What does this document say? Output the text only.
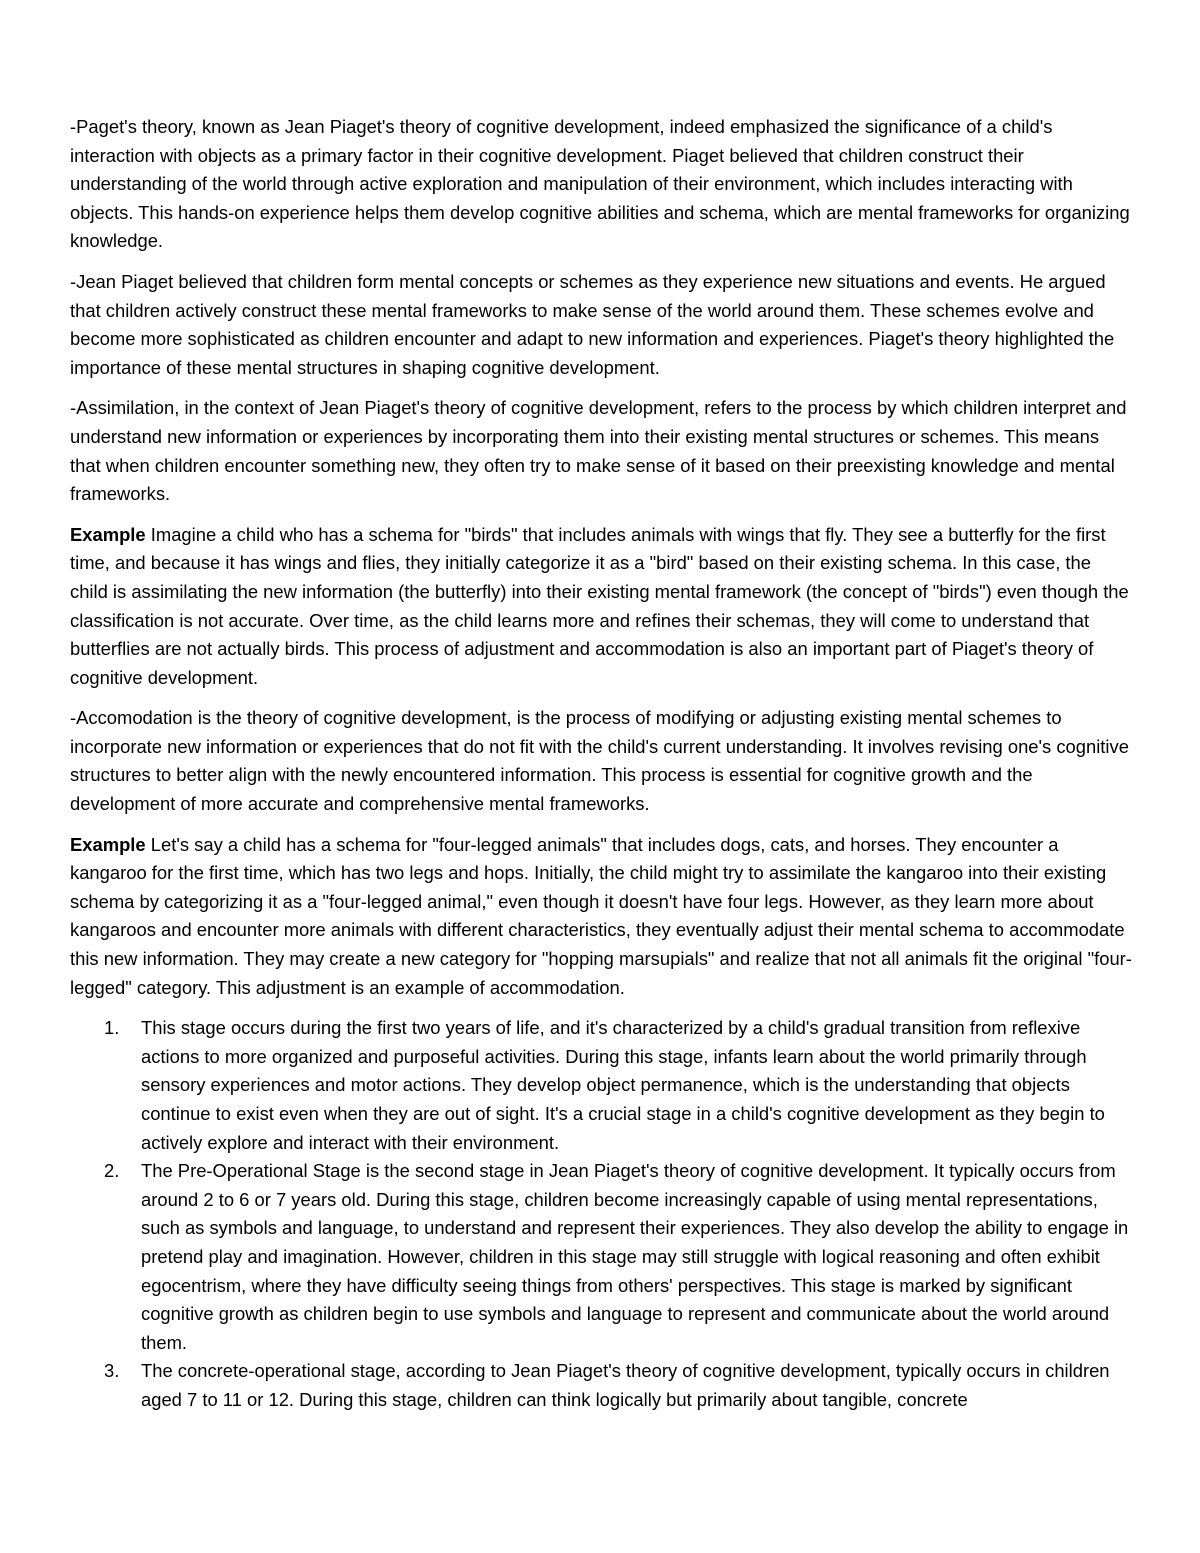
-Paget's theory, known as Jean Piaget's theory of cognitive development, indeed emphasized the significance of a child's interaction with objects as a primary factor in their cognitive development. Piaget believed that children construct their understanding of the world through active exploration and manipulation of their environment, which includes interacting with objects. This hands-on experience helps them develop cognitive abilities and schema, which are mental frameworks for organizing knowledge.

-Jean Piaget believed that children form mental concepts or schemes as they experience new situations and events. He argued that children actively construct these mental frameworks to make sense of the world around them. These schemes evolve and become more sophisticated as children encounter and adapt to new information and experiences. Piaget's theory highlighted the importance of these mental structures in shaping cognitive development.

-Assimilation, in the context of Jean Piaget's theory of cognitive development, refers to the process by which children interpret and understand new information or experiences by incorporating them into their existing mental structures or schemes. This means that when children encounter something new, they often try to make sense of it based on their preexisting knowledge and mental frameworks.

Example Imagine a child who has a schema for "birds" that includes animals with wings that fly. They see a butterfly for the first time, and because it has wings and flies, they initially categorize it as a "bird" based on their existing schema. In this case, the child is assimilating the new information (the butterfly) into their existing mental framework (the concept of "birds") even though the classification is not accurate. Over time, as the child learns more and refines their schemas, they will come to understand that butterflies are not actually birds. This process of adjustment and accommodation is also an important part of Piaget's theory of cognitive development.

-Accomodation is the theory of cognitive development, is the process of modifying or adjusting existing mental schemes to incorporate new information or experiences that do not fit with the child's current understanding. It involves revising one's cognitive structures to better align with the newly encountered information. This process is essential for cognitive growth and the development of more accurate and comprehensive mental frameworks.

Example Let's say a child has a schema for "four-legged animals" that includes dogs, cats, and horses. They encounter a kangaroo for the first time, which has two legs and hops. Initially, the child might try to assimilate the kangaroo into their existing schema by categorizing it as a "four-legged animal," even though it doesn't have four legs. However, as they learn more about kangaroos and encounter more animals with different characteristics, they eventually adjust their mental schema to accommodate this new information. They may create a new category for "hopping marsupials" and realize that not all animals fit the original "four-legged" category. This adjustment is an example of accommodation.

1. This stage occurs during the first two years of life, and it's characterized by a child's gradual transition from reflexive actions to more organized and purposeful activities. During this stage, infants learn about the world primarily through sensory experiences and motor actions. They develop object permanence, which is the understanding that objects continue to exist even when they are out of sight. It's a crucial stage in a child's cognitive development as they begin to actively explore and interact with their environment.
2. The Pre-Operational Stage is the second stage in Jean Piaget's theory of cognitive development. It typically occurs from around 2 to 6 or 7 years old. During this stage, children become increasingly capable of using mental representations, such as symbols and language, to understand and represent their experiences. They also develop the ability to engage in pretend play and imagination. However, children in this stage may still struggle with logical reasoning and often exhibit egocentrism, where they have difficulty seeing things from others' perspectives. This stage is marked by significant cognitive growth as children begin to use symbols and language to represent and communicate about the world around them.
3. The concrete-operational stage, according to Jean Piaget's theory of cognitive development, typically occurs in children aged 7 to 11 or 12. During this stage, children can think logically but primarily about tangible, concrete
